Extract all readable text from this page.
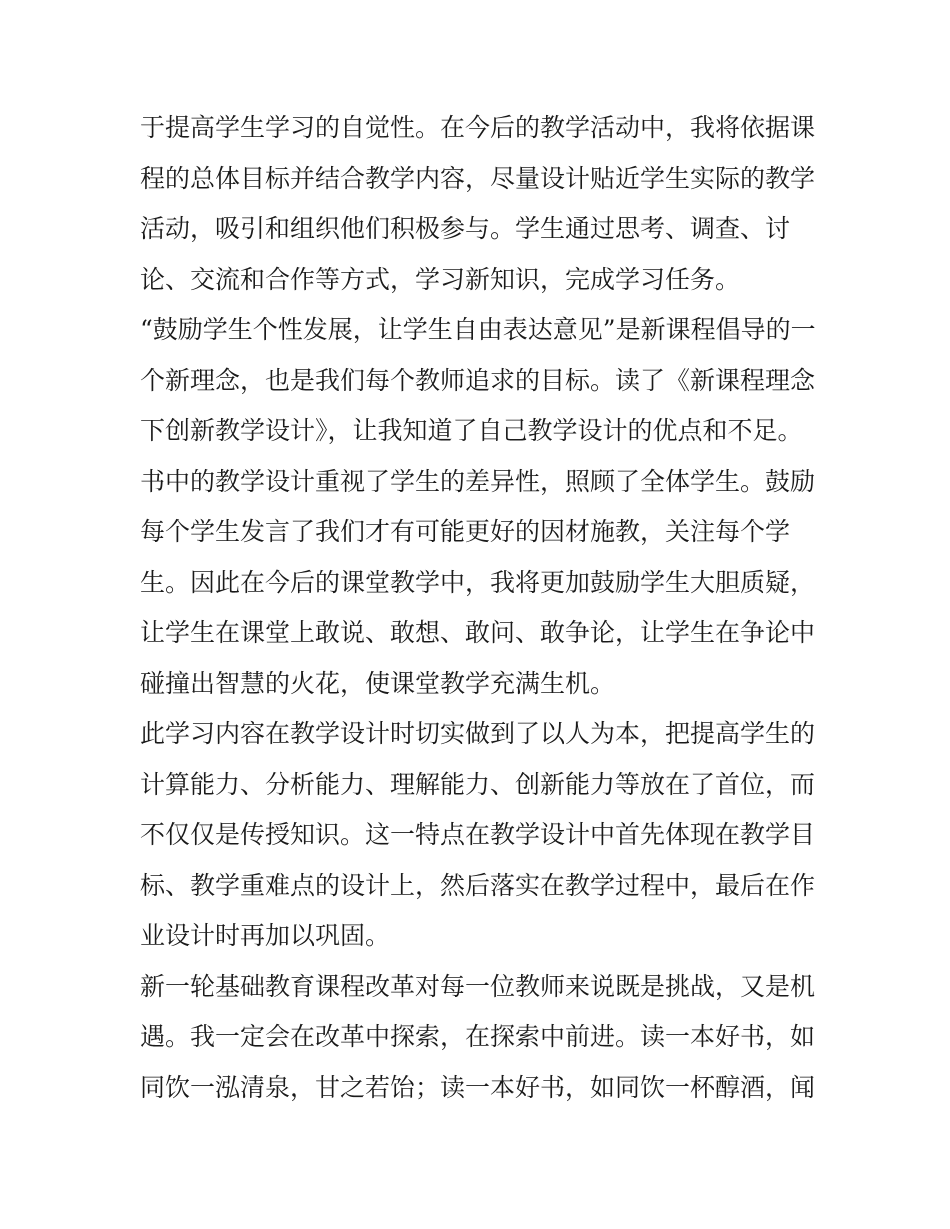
于提高学生学习的自觉性。在今后的教学活动中，我将依据课
程的总体目标并结合教学内容，尽量设计贴近学生实际的教学
活动，吸引和组织他们积极参与。学生通过思考、调查、讨
论、交流和合作等方式，学习新知识，完成学习任务。
“鼓励学生个性发展，让学生自由表达意见”是新课程倡导的一
个新理念，也是我们每个教师追求的目标。读了《新课程理念
下创新教学设计》，让我知道了自己教学设计的优点和不足。
书中的教学设计重视了学生的差异性，照顾了全体学生。鼓励
每个学生发言了我们才有可能更好的因材施教，关注每个学
生。因此在今后的课堂教学中，我将更加鼓励学生大胆质疑，
让学生在课堂上敢说、敢想、敢问、敢争论，让学生在争论中
碰撞出智慧的火花，使课堂教学充满生机。
此学习内容在教学设计时切实做到了以人为本，把提高学生的
计算能力、分析能力、理解能力、创新能力等放在了首位，而
不仅仅是传授知识。这一特点在教学设计中首先体现在教学目
标、教学重难点的设计上，然后落实在教学过程中，最后在作
业设计时再加以巩固。
新一轮基础教育课程改革对每一位教师来说既是挑战，又是机
遇。我一定会在改革中探索，在探索中前进。读一本好书，如
同饮一泓清泉，甘之若饴；读一本好书，如同饮一杯醇酒，闻
